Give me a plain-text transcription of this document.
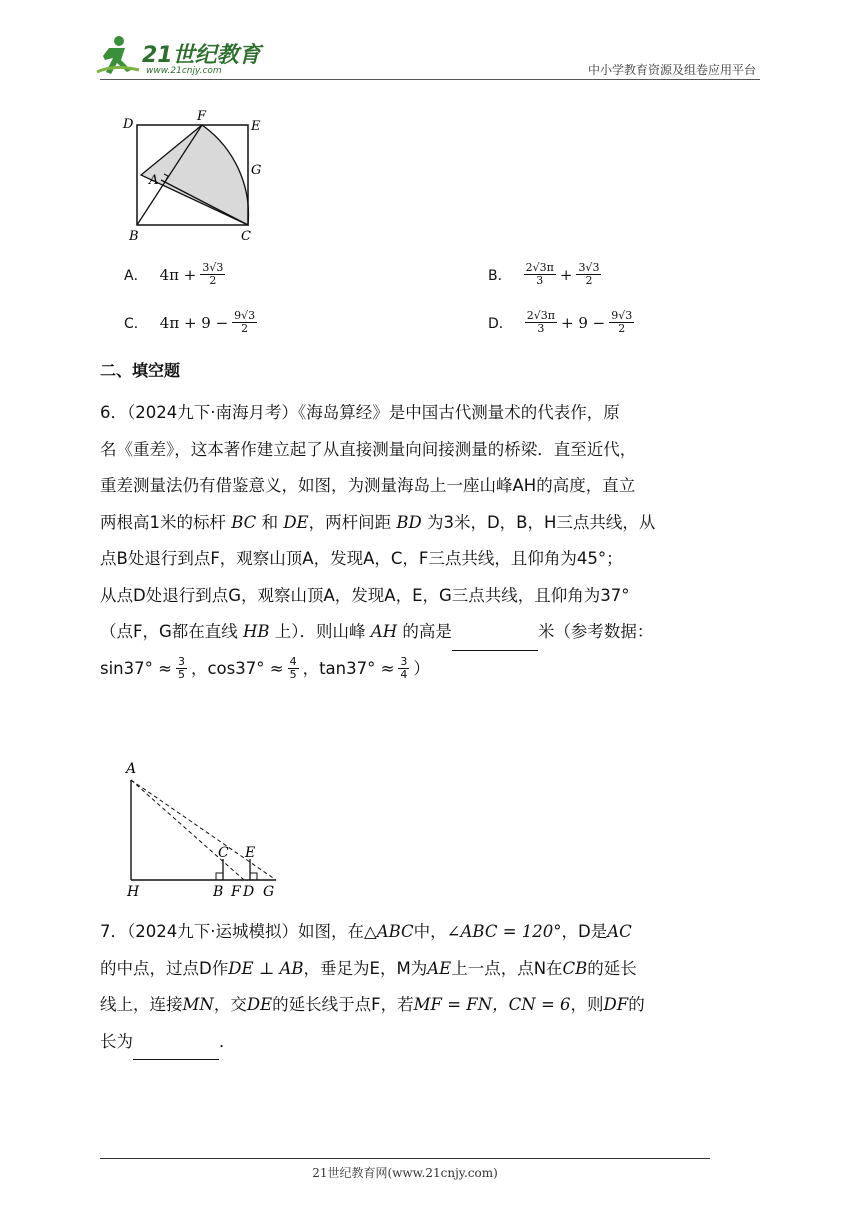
21世纪教育
www.21cnjy.com	中小学教育资源及组卷应用平台
D
F
E
G
A
B	C
A． $4\pi + \frac{3√3}{2}$	B． $\frac{2√3\pi}{3} + \frac{3√3}{2}$
C． $4\pi + 9 - \frac{9√3}{2}$	D． $\frac{2√3\pi}{3} + 9 - \frac{9√3}{2}$
二、填空题
6．（2024九下·南海月考）《海岛算经》是中国古代测量术的代表作，原
名《重差》，这本著作建立起了从直接测量向间接测量的桥梁．直至近代，
重差测量法仍有借鉴意义，如图，为测量海岛上一座山峰AH的高度，直立
两根高1米的标杆 BC 和 DE，两杆间距 BD 为3米，D，B，H三点共线，从
点B处退行到点F，观察山顶A，发现A，C，F三点共线，且仰角为45°；
从点D处退行到点G，观察山顶A，发现A，E，G三点共线，且仰角为37°
（点F，G都在直线 HB 上）．则山峰 AH 的高是	米（参考数据：
$\sin 37^\circ \approx \frac{3}{5}$ ，$\cos 37^\circ \approx \frac{4}{5}$ ，$\tan 37^\circ \approx \frac{3}{4}$ ）
A
H
C E
B F D G
7．（2024九下·运城模拟）如图，在△ABC中，∠ABC = 120°，D是AC
的中点，过点D作DE ⊥ AB，垂足为E，M为AE上一点，点N在CB的延长
线上，连接MN，交DE的延长线于点F，若MF = FN，CN = 6，则DF的
长为	．
21世纪教育网(www.21cnjy.com)
